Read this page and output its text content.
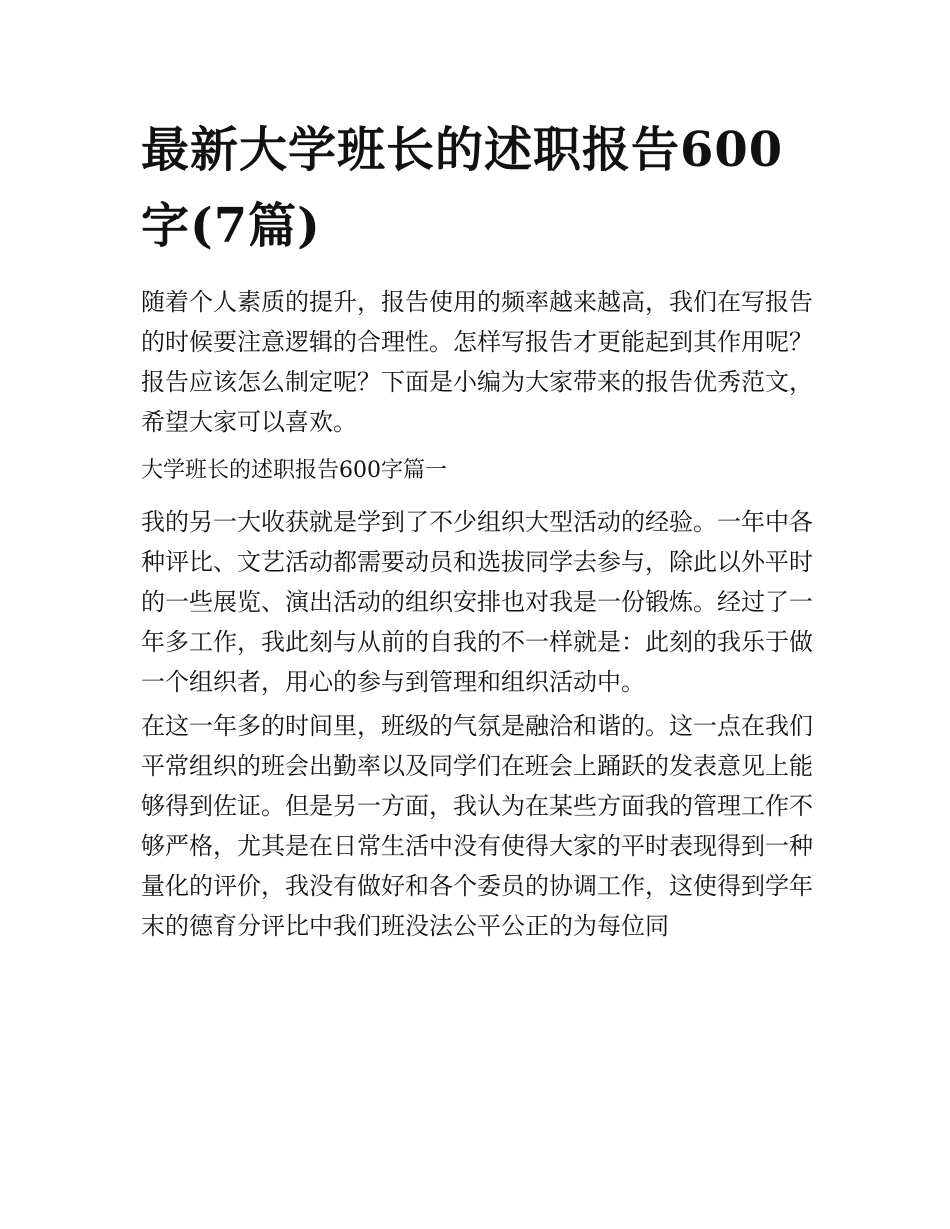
最新大学班长的述职报告600字(7篇)

随着个人素质的提升，报告使用的频率越来越高，我们在写报告的时候要注意逻辑的合理性。怎样写报告才更能起到其作用呢？报告应该怎么制定呢？下面是小编为大家带来的报告优秀范文，希望大家可以喜欢。

大学班长的述职报告600字篇一

我的另一大收获就是学到了不少组织大型活动的经验。一年中各种评比、文艺活动都需要动员和选拔同学去参与，除此以外平时的一些展览、演出活动的组织安排也对我是一份锻炼。经过了一年多工作，我此刻与从前的自我的不一样就是：此刻的我乐于做一个组织者，用心的参与到管理和组织活动中。

在这一年多的时间里，班级的气氛是融洽和谐的。这一点在我们平常组织的班会出勤率以及同学们在班会上踊跃的发表意见上能够得到佐证。但是另一方面，我认为在某些方面我的管理工作不够严格，尤其是在日常生活中没有使得大家的平时表现得到一种量化的评价，我没有做好和各个委员的协调工作，这使得到学年末的德育分评比中我们班没法公平公正的为每位同
